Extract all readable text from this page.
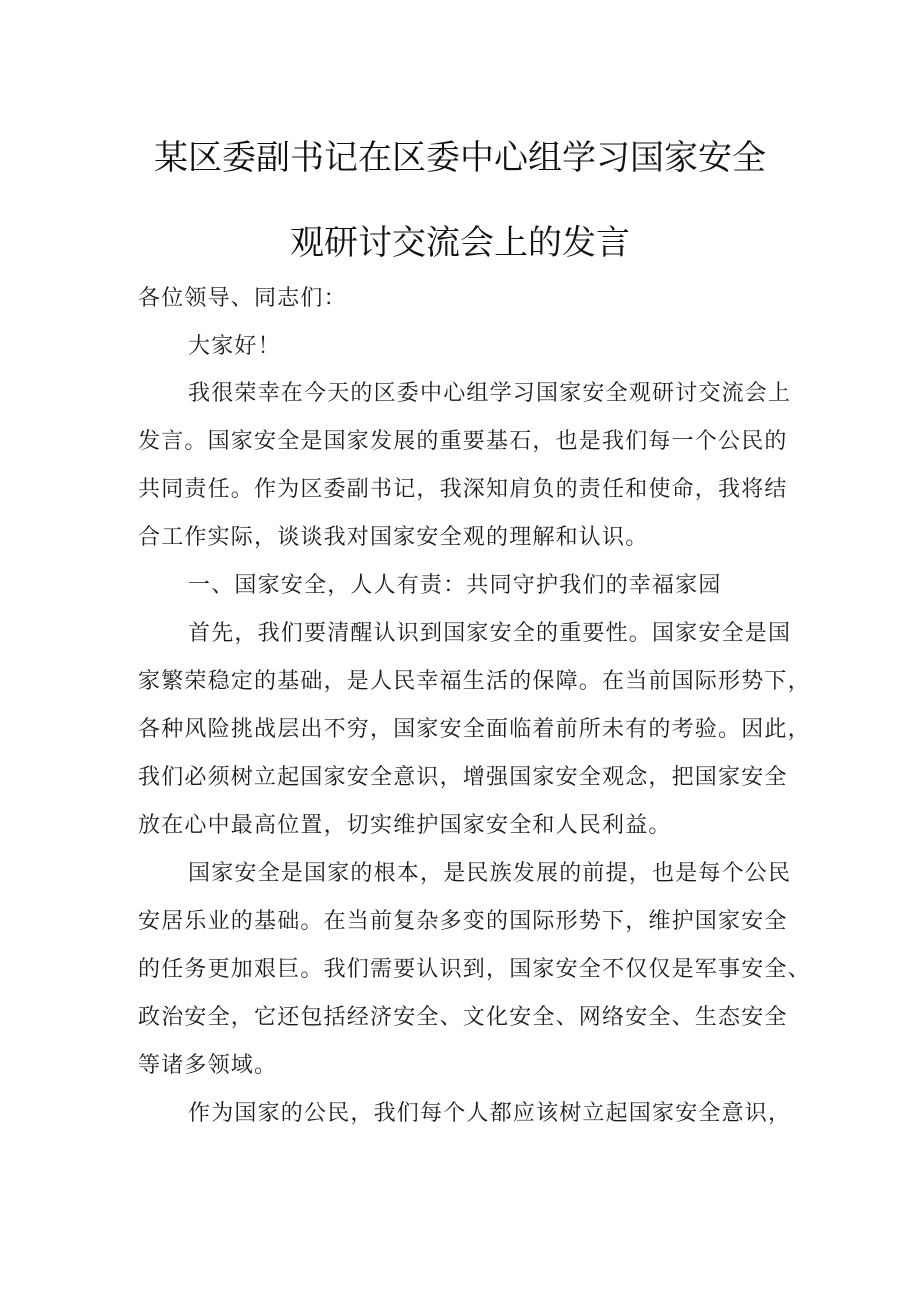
某区委副书记在区委中心组学习国家安全
观研讨交流会上的发言
各位领导、同志们：
大家好！
我很荣幸在今天的区委中心组学习国家安全观研讨交流会上
发言。国家安全是国家发展的重要基石，也是我们每一个公民的
共同责任。作为区委副书记，我深知肩负的责任和使命，我将结
合工作实际，谈谈我对国家安全观的理解和认识。
一、国家安全，人人有责：共同守护我们的幸福家园
首先，我们要清醒认识到国家安全的重要性。国家安全是国
家繁荣稳定的基础，是人民幸福生活的保障。在当前国际形势下，
各种风险挑战层出不穷，国家安全面临着前所未有的考验。因此，
我们必须树立起国家安全意识，增强国家安全观念，把国家安全
放在心中最高位置，切实维护国家安全和人民利益。
国家安全是国家的根本，是民族发展的前提，也是每个公民
安居乐业的基础。在当前复杂多变的国际形势下，维护国家安全
的任务更加艰巨。我们需要认识到，国家安全不仅仅是军事安全、
政治安全，它还包括经济安全、文化安全、网络安全、生态安全
等诸多领域。
作为国家的公民，我们每个人都应该树立起国家安全意识，
